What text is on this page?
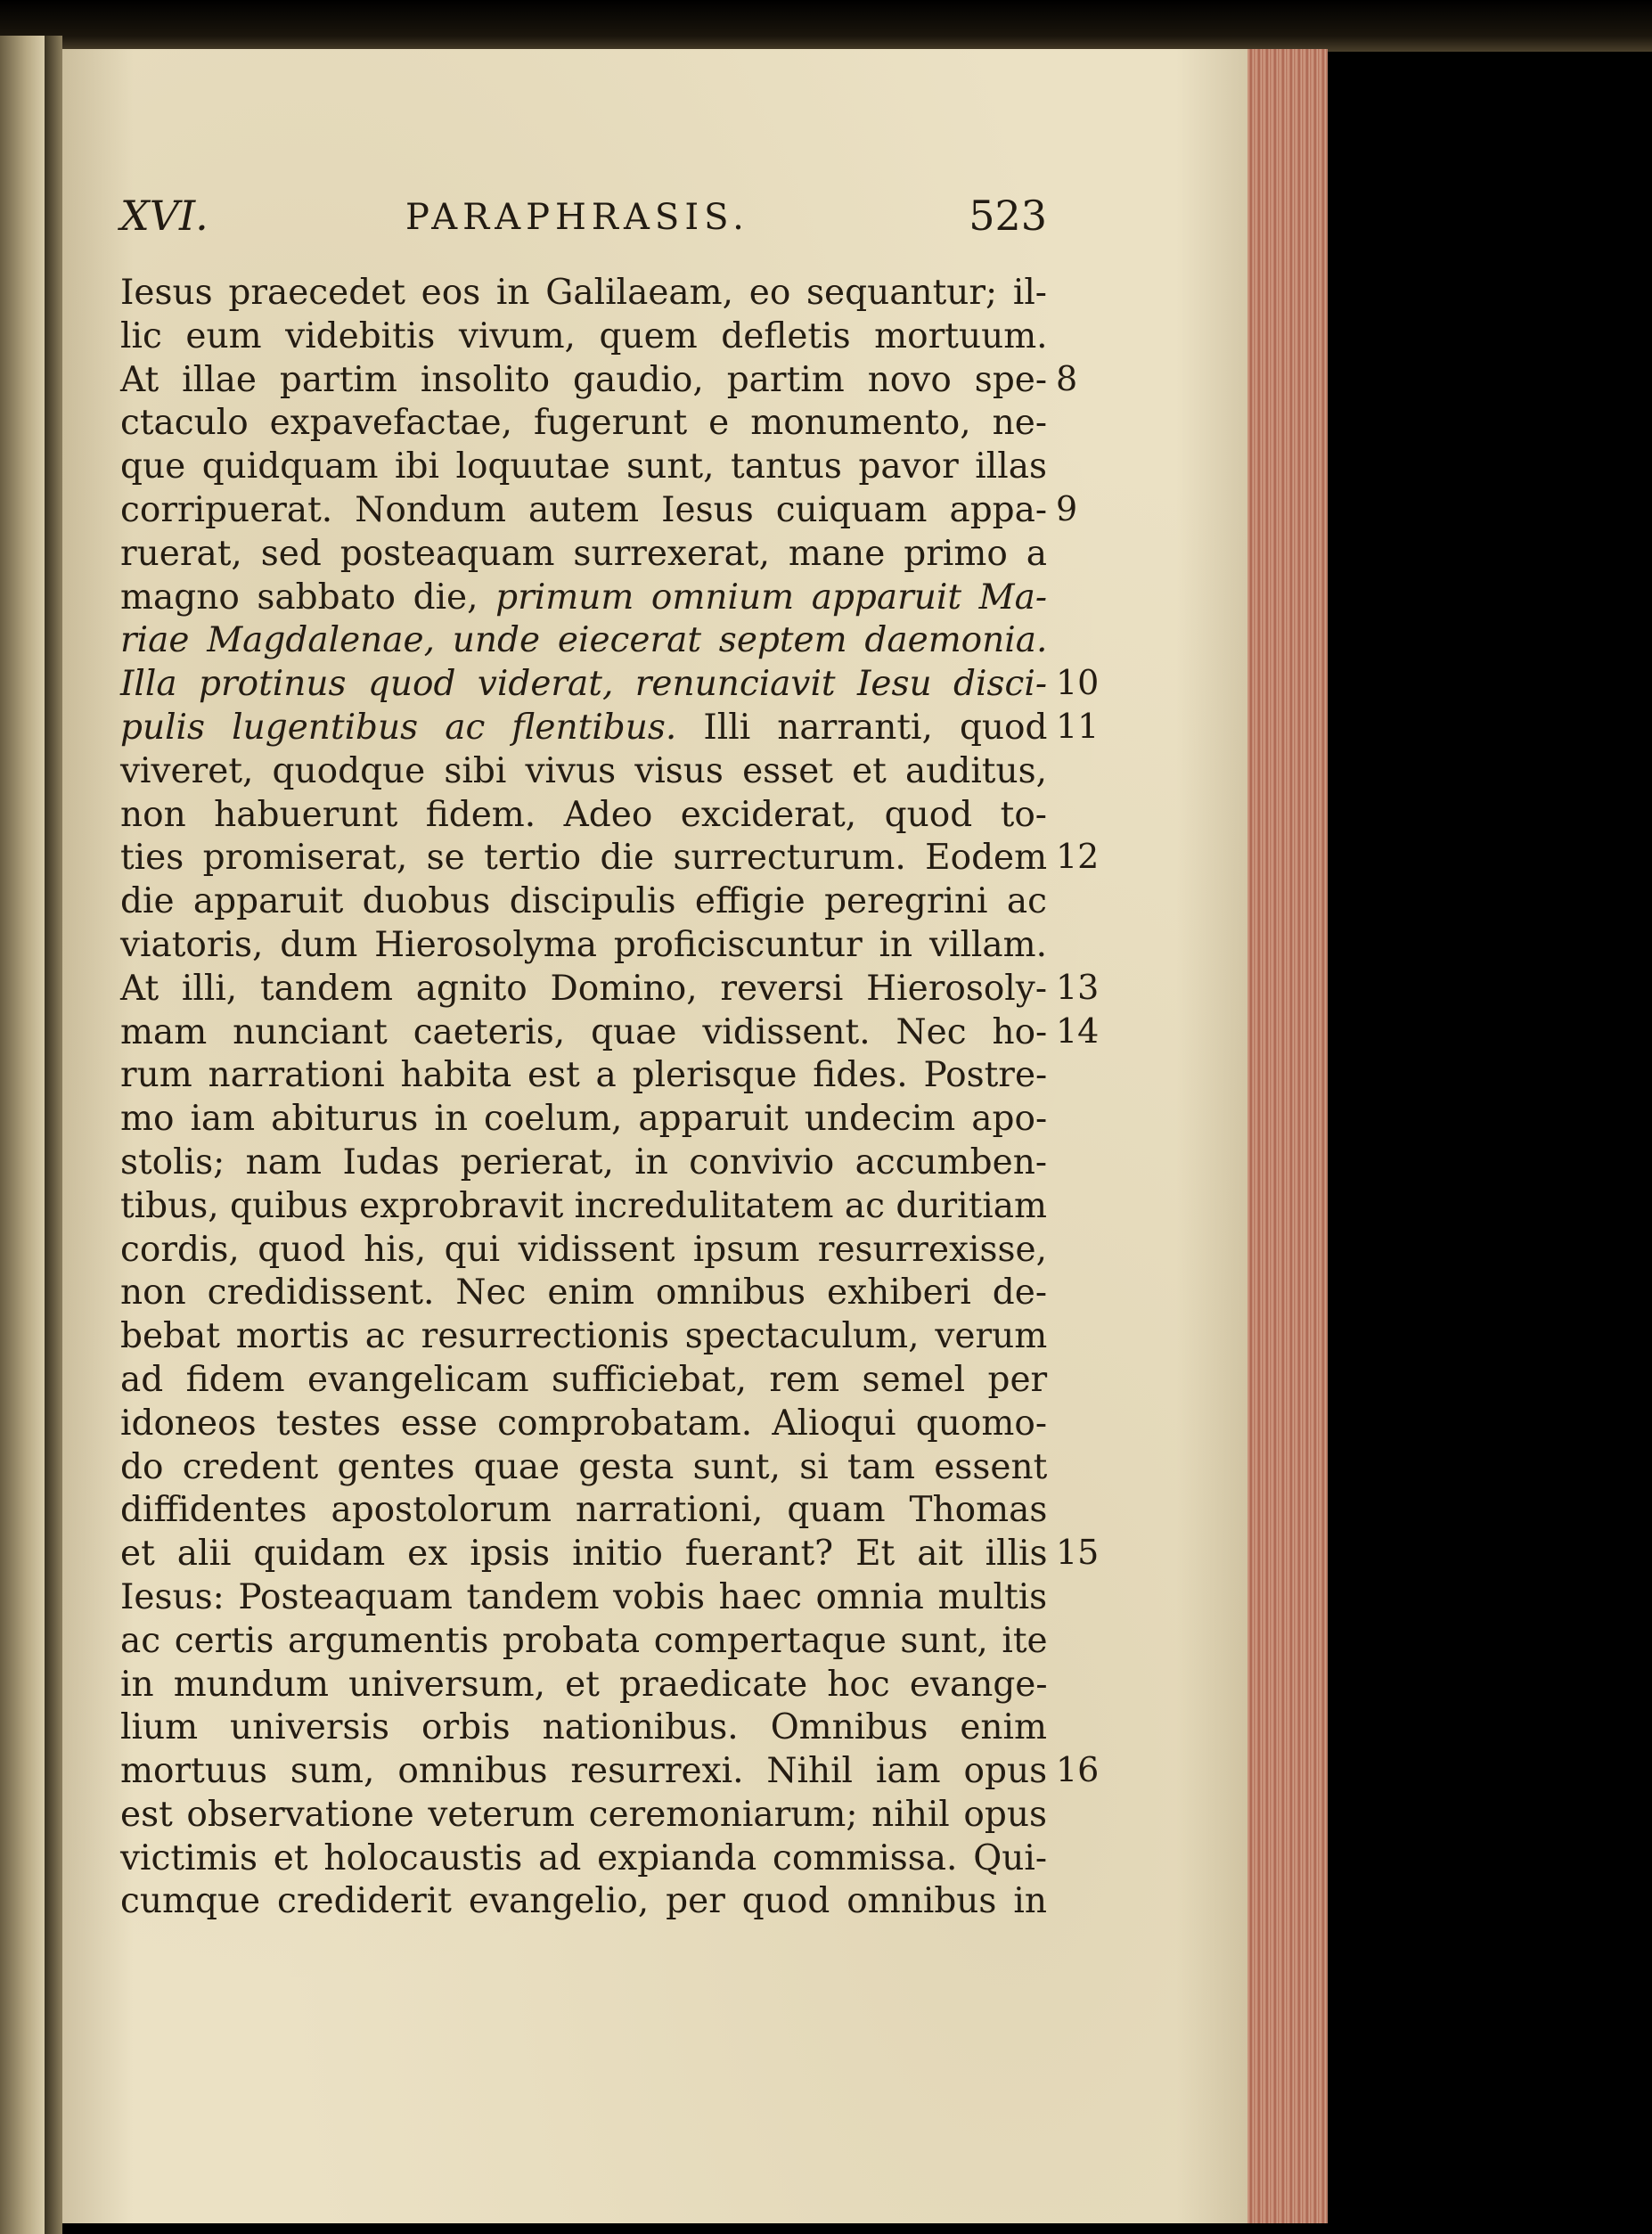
XVI.	PARAPHRASIS.	523
Iesus praecedet eos in Galilaeam, eo sequantur; il-
lic eum videbitis vivum, quem defletis mortuum.
At illae partim insolito gaudio, partim novo spe-
ctaculo expavefactae, fugerunt e monumento, ne-
que quidquam ibi loquutae sunt, tantus pavor illas
corripuerat. Nondum autem Iesus cuiquam appa-
ruerat, sed posteaquam surrexerat, mane primo a
magno sabbato die, primum omnium apparuit Ma-
riae Magdalenae, unde eiecerat septem daemonia.
Illa protinus quod viderat, renunciavit Iesu disci-
pulis lugentibus ac flentibus. Illi narranti, quod
viveret, quodque sibi vivus visus esset et auditus,
non habuerunt fidem. Adeo exciderat, quod to-
ties promiserat, se tertio die surrecturum. Eodem
die apparuit duobus discipulis effigie peregrini ac
viatoris, dum Hierosolyma proficiscuntur in villam.
At illi, tandem agnito Domino, reversi Hierosoly-
mam nunciant caeteris, quae vidissent. Nec ho-
rum narrationi habita est a plerisque fides. Postre-
mo iam abiturus in coelum, apparuit undecim apo-
stolis; nam Iudas perierat, in convivio accumben-
tibus, quibus exprobravit incredulitatem ac duritiam
cordis, quod his, qui vidissent ipsum resurrexisse,
non credidissent. Nec enim omnibus exhiberi de-
bebat mortis ac resurrectionis spectaculum, verum
ad fidem evangelicam sufficiebat, rem semel per
idoneos testes esse comprobatam. Alioqui quomo-
do credent gentes quae gesta sunt, si tam essent
diffidentes apostolorum narrationi, quam Thomas
et alii quidam ex ipsis initio fuerant? Et ait illis
Iesus: Posteaquam tandem vobis haec omnia multis
ac certis argumentis probata compertaque sunt, ite
in mundum universum, et praedicate hoc evange-
lium universis orbis nationibus. Omnibus enim
mortuus sum, omnibus resurrexi. Nihil iam opus
est observatione veterum ceremoniarum; nihil opus
victimis et holocaustis ad expianda commissa. Qui-
cumque crediderit evangelio, per quod omnibus in
8
9
10
11
12
13
14
15
16
